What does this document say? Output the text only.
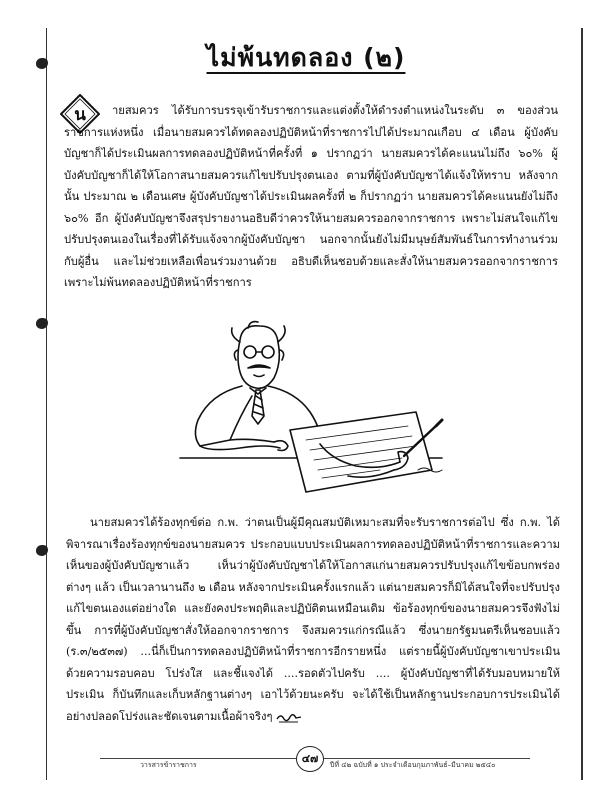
ไม่พ้นทดลอง (๒)
น	ายสมควร ได้รับการบรรจุเข้ารับราชการและแต่งตั้งให้ดำรงตำแหน่งในระดับ ๓ ของส่วนราชการแห่งหนึ่ง เมื่อนายสมควรได้ทดลองปฏิบัติหน้าที่ราชการไปได้ประมาณเกือบ ๔ เดือน ผู้บังคับบัญชาก็ได้ประเมินผลการทดลองปฏิบัติหน้าที่ครั้งที่ ๑ ปรากฏว่า นายสมควรได้คะแนนไม่ถึง ๖๐% ผู้บังคับบัญชาก็ได้ให้โอกาสนายสมควรแก้ไขปรับปรุงตนเอง ตามที่ผู้บังคับบัญชาได้แจ้งให้ทราบ หลังจากนั้น ประมาณ ๒ เดือนเศษ ผู้บังคับบัญชาได้ประเมินผลครั้งที่ ๒ ก็ปรากฏว่า นายสมควรได้คะแนนยังไม่ถึง ๖๐% อีก ผู้บังคับบัญชาจึงสรุปรายงานอธิบดีว่าควรให้นายสมควรออกจากราชการ เพราะไม่สนใจแก้ไขปรับปรุงตนเองในเรื่องที่ได้รับแจ้งจากผู้บังคับบัญชา นอกจากนั้นยังไม่มีมนุษย์สัมพันธ์ในการทำงานร่วมกับผู้อื่น และไม่ช่วยเหลือเพื่อนร่วมงานด้วย อธิบดีเห็นชอบด้วยและสั่งให้นายสมควรออกจากราชการ เพราะไม่พ้นทดลองปฏิบัติหน้าที่ราชการ

นายสมควรได้ร้องทุกข์ต่อ ก.พ. ว่าตนเป็นผู้มีคุณสมบัติเหมาะสมที่จะรับราชการต่อไป ซึ่ง ก.พ. ได้พิจารณาเรื่องร้องทุกข์ของนายสมควร ประกอบแบบประเมินผลการทดลองปฏิบัติหน้าที่ราชการและความเห็นของผู้บังคับบัญชาแล้ว เห็นว่าผู้บังคับบัญชาได้ให้โอกาสแก่นายสมควรปรับปรุงแก้ไขข้อบกพร่องต่างๆ แล้ว เป็นเวลานานถึง ๒ เดือน หลังจากประเมินครั้งแรกแล้ว แต่นายสมควรก็มิได้สนใจที่จะปรับปรุงแก้ไขตนเองแต่อย่างใด และยังคงประพฤติและปฏิบัติตนเหมือนเดิม ข้อร้องทุกข์ของนายสมควรจึงฟังไม่ขึ้น การที่ผู้บังคับบัญชาสั่งให้ออกจากราชการ จึงสมควรแก่กรณีแล้ว ซึ่งนายกรัฐมนตรีเห็นชอบแล้ว (ร.๓/๒๕๓๗) ...นี่ก็เป็นการทดลองปฏิบัติหน้าที่ราชการอีกรายหนึ่ง แต่รายนี้ผู้บังคับบัญชาเขาประเมินด้วยความรอบคอบ โปร่งใส และชี้แจงได้ ....รอดตัวไปครับ .... ผู้บังคับบัญชาที่ได้รับมอบหมายให้ประเมิน ก็บันทึกและเก็บหลักฐานต่างๆ เอาไว้ด้วยนะครับ จะได้ใช้เป็นหลักฐานประกอบการประเมินได้อย่างปลอดโปร่งและชัดเจนตามเนื้อผ้าจริงๆ

วารสารข้าราชการ	๔๗	ปีที่ ๔๒ ฉบับที่ ๑ ประจำเดือนกุมภาพันธ์–มีนาคม ๒๕๔๐
